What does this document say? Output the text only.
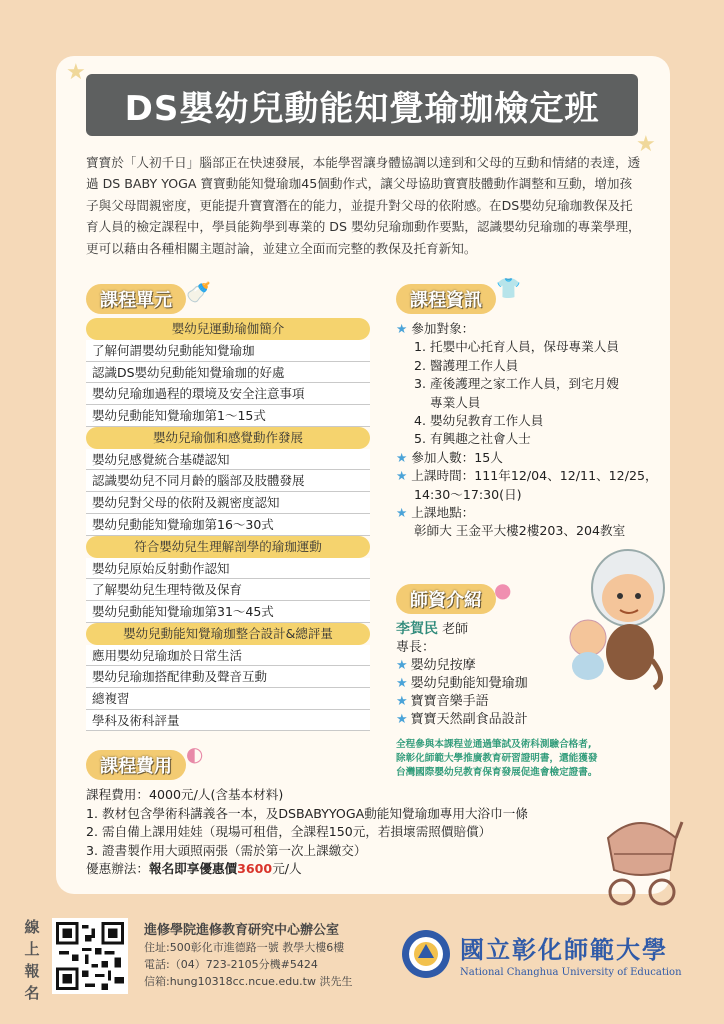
★
★
DS嬰幼兒動能知覺瑜珈檢定班

寶寶於「人初千日」腦部正在快速發展，本能學習讓身體協調以達到和父母的互動和情緒的表達，透過 DS BABY YOGA 寶寶動能知覺瑜珈45個動作式，讓父母協助寶寶肢體動作調整和互動，增加孩子與父母間親密度，更能提升寶寶潛在的能力，並提升對父母的依附感。在DS嬰幼兒瑜珈教保及托育人員的檢定課程中，學員能夠學到專業的 DS 嬰幼兒瑜珈動作要點，認識嬰幼兒瑜珈的專業學理，更可以藉由各種相關主題討論，並建立全面而完整的教保及托育新知。

課程單元 🍼
嬰幼兒運動瑜伽簡介
了解何謂嬰幼兒動能知覺瑜珈
認識DS嬰幼兒動能知覺瑜珈的好處
嬰幼兒瑜珈過程的環境及安全注意事項
嬰幼兒動能知覺瑜珈第1～15式
嬰幼兒瑜伽和感覺動作發展
嬰幼兒感覺統合基礎認知
認識嬰幼兒不同月齡的腦部及肢體發展
嬰幼兒對父母的依附及親密度認知
嬰幼兒動能知覺瑜珈第16～30式
符合嬰幼兒生理解剖學的瑜珈運動
嬰幼兒原始反射動作認知
了解嬰幼兒生理特徵及保育
嬰幼兒動能知覺瑜珈第31～45式
嬰幼兒動能知覺瑜珈整合設計&總評量
應用嬰幼兒瑜珈於日常生活
嬰幼兒瑜珈搭配律動及聲音互動
總複習
學科及術科評量
課程資訊
👕
★ 參加對象：
1. 托嬰中心托育人員，保母專業人員
2. 醫護理工作人員
3. 產後護理之家工作人員，到宅月嫂
專業人員
4. 嬰幼兒教育工作人員
5. 有興趣之社會人士
★ 參加人數：15人
★ 上課時間：111年12/04、12/11、12/25，
14:30～17:30(日)
★ 上課地點：
彰師大 王金平大樓2樓203、204教室
師資介紹 ●
李賀民 老師
專長：
★ 嬰幼兒按摩
★ 嬰幼兒動能知覺瑜珈
★ 寶寶音樂手語
★ 寶寶天然副食品設計
全程參與本課程並通過筆試及術科測驗合格者,
除彰化師範大學推廣教育研習證明書，還能獲發
台灣國際嬰幼兒教育保育發展促進會檢定證書。
課程費用
◐
課程費用：4000元/人(含基本材料)
1. 教材包含學術科講義各一本，及DSBABYYOGA動能知覺瑜珈專用大浴巾一條
2. 需自備上課用娃娃（現場可租借，全課程150元，若損壞需照價賠償）
3. 證書製作用大頭照兩張（需於第一次上課繳交）
優惠辦法：報名即享優惠價3600元/人
線上報名
進修學院進修教育研究中心辦公室
住址:500彰化市進德路一號 教學大樓6樓
電話:（04）723-2105分機#5424
信箱:hung10318cc.ncue.edu.tw 洪先生
國立彰化師範大學
National Changhua University of Education
